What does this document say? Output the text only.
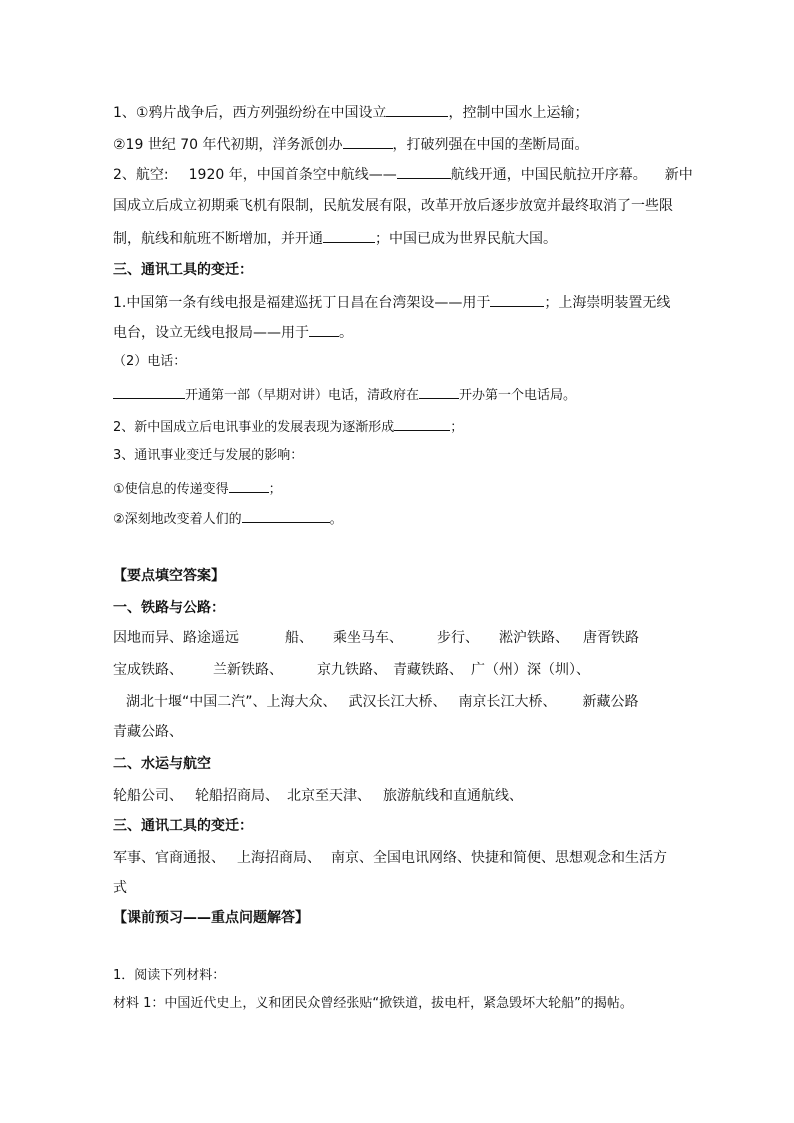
1、①鸦片战争后，西方列强纷纷在中国设立	，控制中国水上运输；
②19 世纪 70 年代初期，洋务派创办	，打破列强在中国的垄断局面。
2、航空: 1920 年，中国首条空中航线——	航线开通，中国民航拉开序幕。 新中
国成立后成立初期乘飞机有限制，民航发展有限，改革开放后逐步放宽并最终取消了一些限
制，航线和航班不断增加，并开通	；中国已成为世界民航大国。
三、通讯工具的变迁：
1.中国第一条有线电报是福建巡抚丁日昌在台湾架设——用于	；上海崇明装置无线
电台，设立无线电报局——用于 。
（2）电话：
开通第一部（早期对讲）电话，清政府在	开办第一个电话局。
2、新中国成立后电讯事业的发展表现为逐渐形成	；
3、通讯事业变迁与发展的影响：
①使信息的传递变得	；
②深刻地改变着人们的	。
【要点填空答案】
一、铁路与公路：
因地而异、路途遥远	船、 乘坐马车、 步行、 淞沪铁路、 唐胥铁路
宝成铁路、 兰新铁路、 京九铁路、 青藏铁路、 广（州）深（圳）、
湖北十堰“中国二汽”、上海大众、 武汉长江大桥、 南京长江大桥、 新藏公路
青藏公路、
二、水运与航空
轮船公司、 轮船招商局、 北京至天津、 旅游航线和直通航线、
三、通讯工具的变迁：
军事、官商通报、 上海招商局、 南京、全国电讯网络、快捷和简便、思想观念和生活方
式
【课前预习——重点问题解答】
1．阅读下列材料：
材料 1：中国近代史上，义和团民众曾经张贴“掀铁道，拔电杆，紧急毁坏大轮船”的揭帖。
